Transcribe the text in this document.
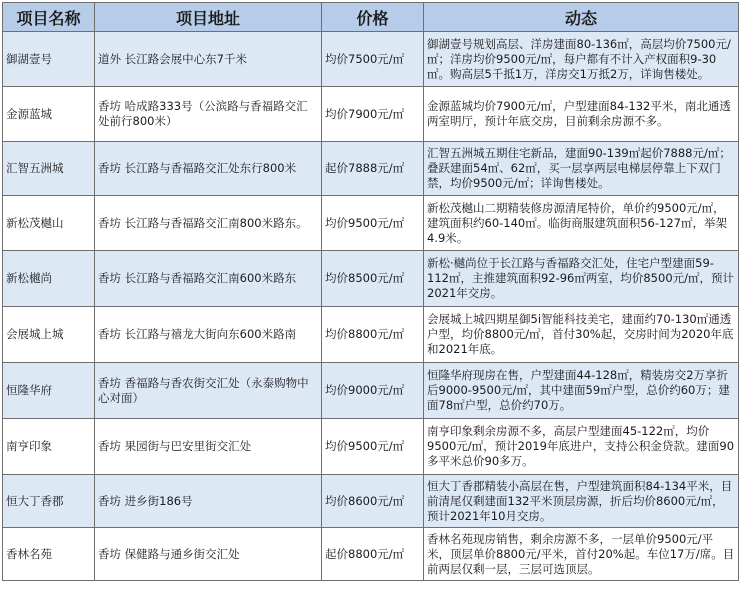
项目名称	项目地址	价格	动态
御湖壹号	道外 长江路会展中心东7千米	均价7500元/㎡	御湖壹号规划高层、洋房建面80-136㎡，高层均价7500元/㎡；洋房均价9500元/㎡，每户都有不计入产权面积9-30㎡。购高层5千抵1万，洋房交1万抵2万，详询售楼处。
金源蓝城	香坊 哈成路333号（公滨路与香福路交汇处前行800米）	均价7900元/㎡	金源蓝城均价7900元/㎡，户型建面84-132平米，南北通透两室明厅，预计年底交房，目前剩余房源不多。
汇智五洲城	香坊 长江路与香福路交汇处东行800米	起价7888元/㎡	汇智五洲城五期住宅新品，建面90-139㎡起价7888元/㎡；叠跃建面54㎡、62㎡，买一层享两层电梯层停靠上下双门禁，均价9500元/㎡；详询售楼处。
新松茂樾山	香坊 长江路与香福路交汇南800米路东。	均价9500元/㎡	新松茂樾山二期精装修房源清尾特价，单价约9500元/㎡，建筑面积约60-140㎡。临街商服建筑面积56-127㎡，举架4.9米。
新松樾尚	香坊 长江路与香福路交汇南600米路东	均价8500元/㎡	新松·樾尚位于长江路与香福路交汇处，住宅户型建面59-112㎡，主推建筑面积92-96㎡两室，均价8500元/㎡，预计2021年交房。
会展城上城	香坊 长江路与禧龙大街向东600米路南	均价8800元/㎡	会展城上城四期星御5i智能科技美宅，建面约70-130㎡通透户型，均价8800元/㎡，首付30%起，交房时间为2020年底和2021年底。
恒隆华府	香坊 香福路与香农街交汇处（永泰购物中心对面）	均价9000元/㎡	恒隆华府现房在售，户型建面44-128㎡，精装房交2万享折后9000-9500元/㎡，其中建面59㎡户型，总价约60万；建面78㎡户型，总价约70万。
南亨印象	香坊 果园街与巴安里街交汇处	均价9500元/㎡	南亨印象剩余房源不多，高层户型建面45-122㎡，均价9500元/㎡，预计2019年底进户，支持公积金贷款。建面90多平米总价90多万。
恒大丁香郡	香坊 进乡街186号	均价8600元/㎡	恒大丁香郡精装小高层在售，户型建筑面积84-134平米，目前清尾仅剩建面132平米顶层房源，折后均价8600元/㎡，预计2021年10月交房。
香林名苑	香坊 保健路与通乡街交汇处	起价8800元/㎡	香林名苑现房销售，剩余房源不多，一层单价9500元/平米，顶层单价8800元/平米，首付20%起。车位17万/席。目前两层仅剩一层，三层可选顶层。
